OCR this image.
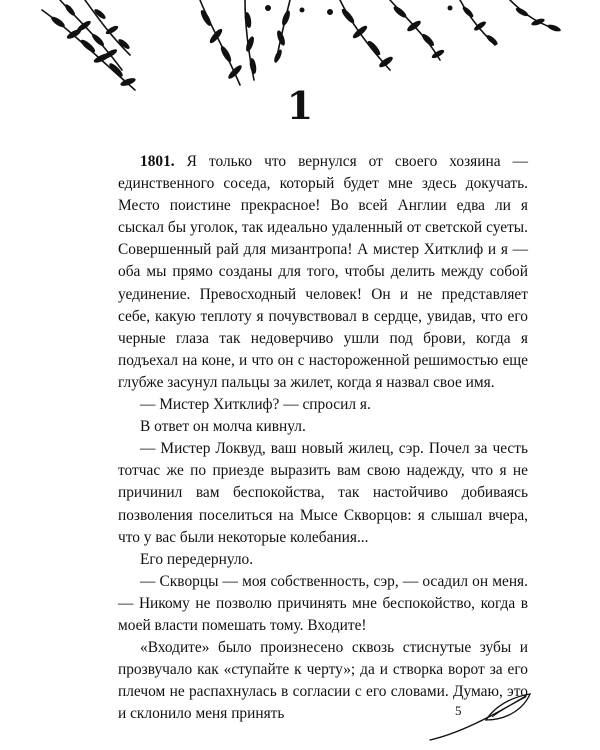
1

1801. Я только что вернулся от своего хозяина — единственного соседа, который будет мне здесь докучать. Место поистине прекрасное! Во всей Англии едва ли я сыскал бы уголок, так идеально удаленный от светской суеты. Совершенный рай для мизантропа! А мистер Хитклиф и я — оба мы прямо созданы для того, чтобы делить между собой уединение. Превосходный человек! Он и не представляет себе, какую теплоту я почувствовал в сердце, увидав, что его черные глаза так недоверчиво ушли под брови, когда я подъехал на коне, и что он с настороженной решимостью еще глубже засунул пальцы за жилет, когда я назвал свое имя.

— Мистер Хитклиф? — спросил я.

В ответ он молча кивнул.

— Мистер Локвуд, ваш новый жилец, сэр. Почел за честь тотчас же по приезде выразить вам свою надежду, что я не причинил вам беспокойства, так настойчиво добиваясь позволения поселиться на Мысе Скворцов: я слышал вчера, что у вас были некоторые колебания...

Его передернуло.

— Скворцы — моя собственность, сэр, — осадил он меня. — Никому не позволю причинять мне беспокойство, когда в моей власти помешать тому. Входите!

«Входите» было произнесено сквозь стиснутые зубы и прозвучало как «ступайте к черту»; да и створка ворот за его плечом не распахнулась в согласии с его словами. Думаю, это и склонило меня принять	5
